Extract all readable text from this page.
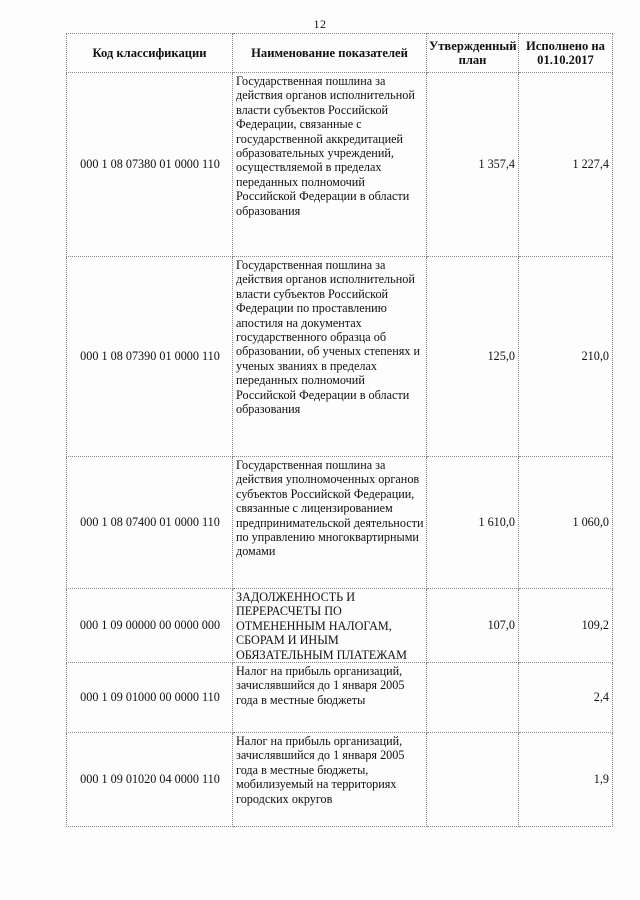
12
Код классификации	Наименование показателей	Утвержденный план	Исполнено на 01.10.2017
000 1 08 07380 01 0000 110	Государственная пошлина за действия органов исполнительной власти субъектов Российской Федерации, связанные с государственной аккредитацией образовательных учреждений, осуществляемой в пределах переданных полномочий Российской Федерации в области образования	1 357,4	1 227,4
000 1 08 07390 01 0000 110	Государственная пошлина за действия органов исполнительной власти субъектов Российской Федерации по проставлению апостиля на документах государственного образца об образовании, об ученых степенях и ученых званиях в пределах переданных полномочий Российской Федерации в области образования	125,0	210,0
000 1 08 07400 01 0000 110	Государственная пошлина за действия уполномоченных органов субъектов Российской Федерации, связанные с лицензированием предпринимательской деятельности по управлению многоквартирными домами	1 610,0	1 060,0
000 1 09 00000 00 0000 000	ЗАДОЛЖЕННОСТЬ И ПЕРЕРАСЧЕТЫ ПО ОТМЕНЕННЫМ НАЛОГАМ, СБОРАМ И ИНЫМ ОБЯЗАТЕЛЬНЫМ ПЛАТЕЖАМ	107,0	109,2
000 1 09 01000 00 0000 110	Налог на прибыль организаций, зачислявшийся до 1 января 2005 года в местные бюджеты		2,4
000 1 09 01020 04 0000 110	Налог на прибыль организаций, зачислявшийся до 1 января 2005 года в местные бюджеты, мобилизуемый на территориях городских округов		1,9
